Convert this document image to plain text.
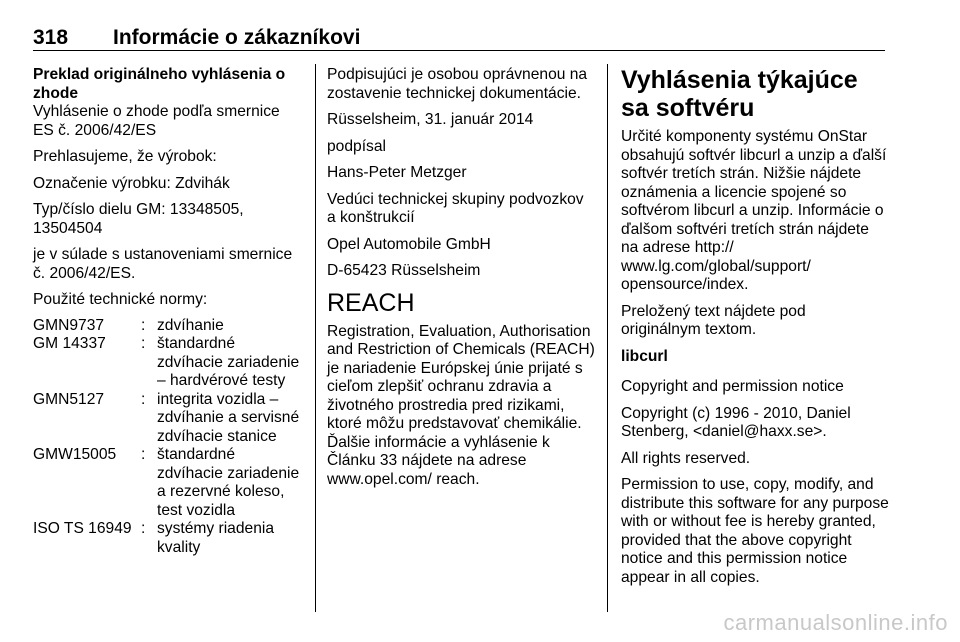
318 Informácie o zákazníkovi

Preklad originálneho vyhlásenia o zhode

Vyhlásenie o zhode podľa smernice ES č. 2006/42/ES

Prehlasujeme, že výrobok:

Označenie výrobku: Zdvihák

Typ/číslo dielu GM: 13348505, 13504504

je v súlade s ustanoveniami smernice č. 2006/42/ES.

Použité technické normy:

GMN9737	:	zdvíhanie
GM 14337	:	štandardné zdvíhacie zariadenie – hardvérové testy
GMN5127	:	integrita vozidla – zdvíhanie a servisné zdvíhacie stanice
GMW15005	:	štandardné zdvíhacie zariadenie a rezervné koleso, test vozidla
ISO TS 16949	:	systémy riadenia kvality

Podpisujúci je osobou oprávnenou na zostavenie technickej dokumentácie.

Rüsselsheim, 31. január 2014

podpísal

Hans-Peter Metzger

Vedúci technickej skupiny podvozkov a konštrukcií

Opel Automobile GmbH

D-65423 Rüsselsheim

REACH

Registration, Evaluation, Authorisation and Restriction of Chemicals (REACH) je nariadenie Európskej únie prijaté s cieľom zlepšiť ochranu zdravia a životného prostredia pred rizikami, ktoré môžu predstavovať chemikálie. Ďalšie informácie a vyhlásenie k Článku 33 nájdete na adrese www.opel.com/ reach.

Vyhlásenia týkajúce sa softvéru

Určité komponenty systému OnStar obsahujú softvér libcurl a unzip a ďalší softvér tretích strán. Nižšie nájdete oznámenia a licencie spojené so softvérom libcurl a unzip. Informácie o ďalšom softvéri tretích strán nájdete na adrese http:// www.lg.com/global/support/ opensource/index.

Preložený text nájdete pod originálnym textom.

libcurl

Copyright and permission notice

Copyright (c) 1996 - 2010, Daniel Stenberg, <daniel@haxx.se>.

All rights reserved.

Permission to use, copy, modify, and distribute this software for any purpose with or without fee is hereby granted, provided that the above copyright notice and this permission notice appear in all copies.

carmanualsonline.info
